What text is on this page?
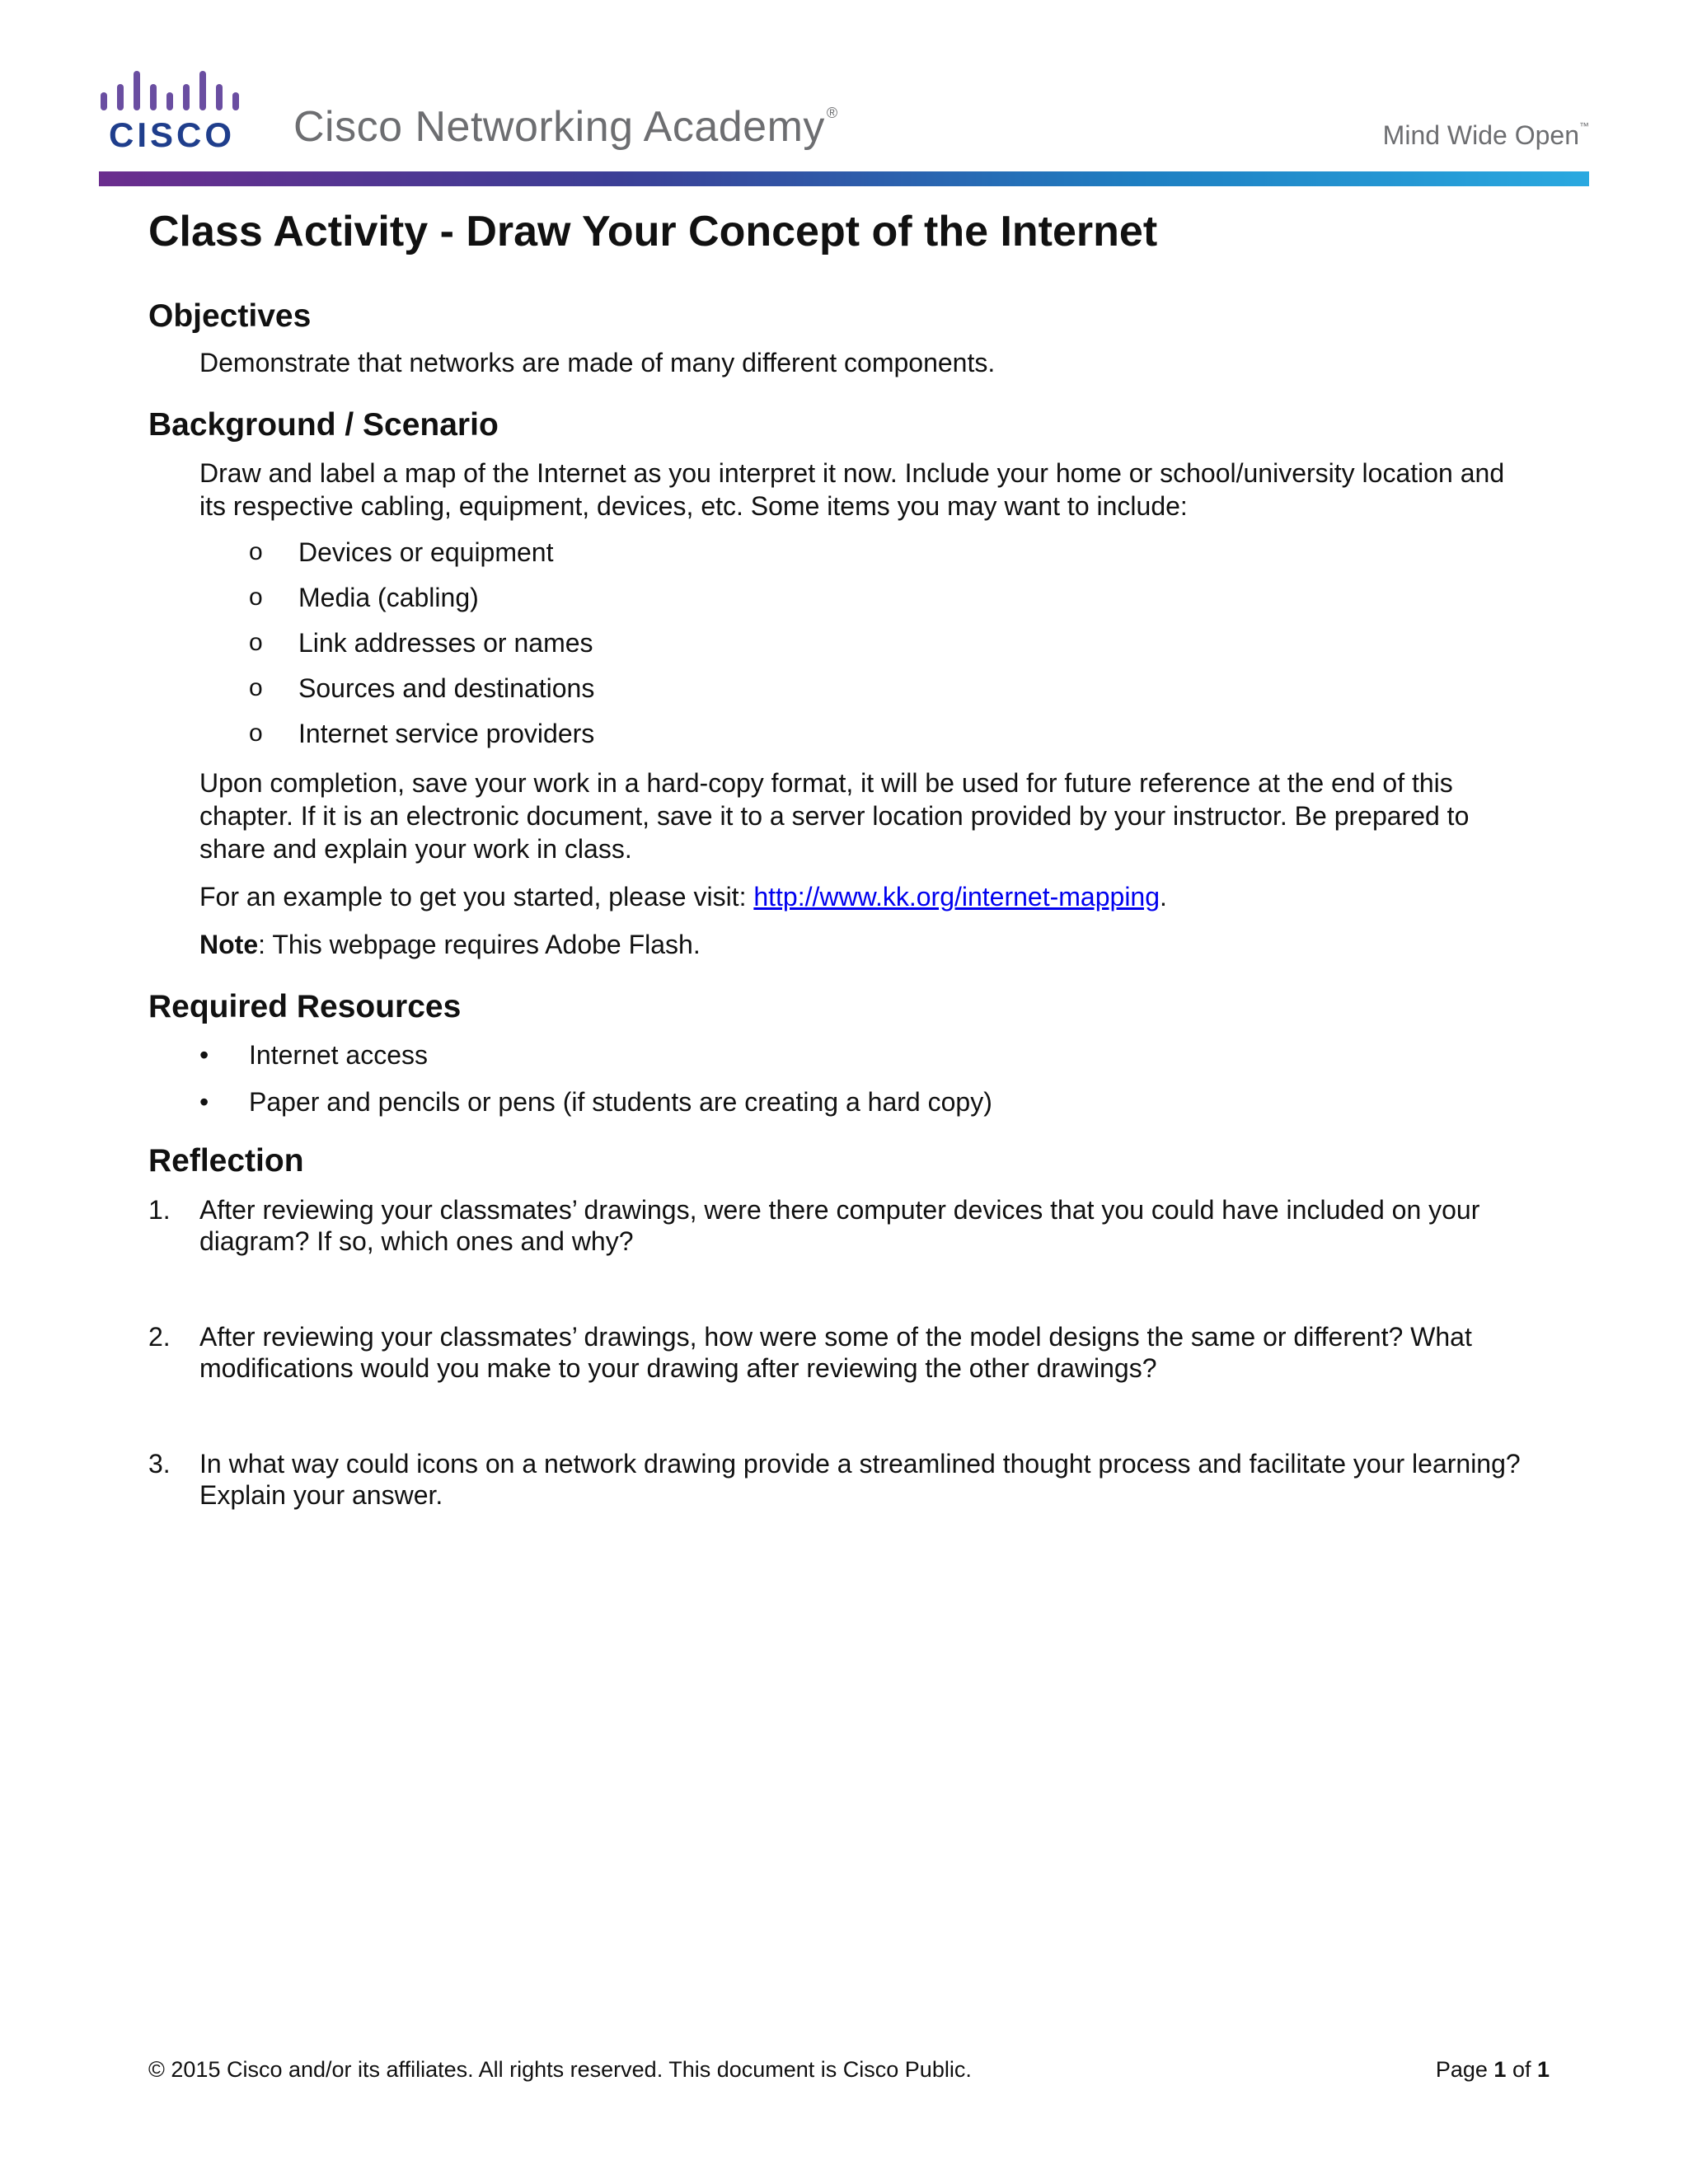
CISCO Cisco Networking Academy ®
Mind Wide Open™
Class Activity - Draw Your Concept of the Internet
Objectives

Demonstrate that networks are made of many different components.

Background / Scenario

Draw and label a map of the Internet as you interpret it now. Include your home or school/university location and its respective cabling, equipment, devices, etc. Some items you may want to include:

o Devices or equipment
o Media (cabling)
o Link addresses or names
o Sources and destinations
o Internet service providers

Upon completion, save your work in a hard-copy format, it will be used for future reference at the end of this chapter. If it is an electronic document, save it to a server location provided by your instructor. Be prepared to share and explain your work in class.

For an example to get you started, please visit: http://www.kk.org/internet-mapping.

Note: This webpage requires Adobe Flash.

Required Resources
• Internet access
• Paper and pencils or pens (if students are creating a hard copy)
Reflection
1. After reviewing your classmates’ drawings, were there computer devices that you could have included on your diagram? If so, which ones and why?
2. After reviewing your classmates’ drawings, how were some of the model designs the same or different? What modifications would you make to your drawing after reviewing the other drawings?
3. In what way could icons on a network drawing provide a streamlined thought process and facilitate your learning? Explain your answer.
© 2015 Cisco and/or its affiliates. All rights reserved. This document is Cisco Public.	Page 1 of 1
